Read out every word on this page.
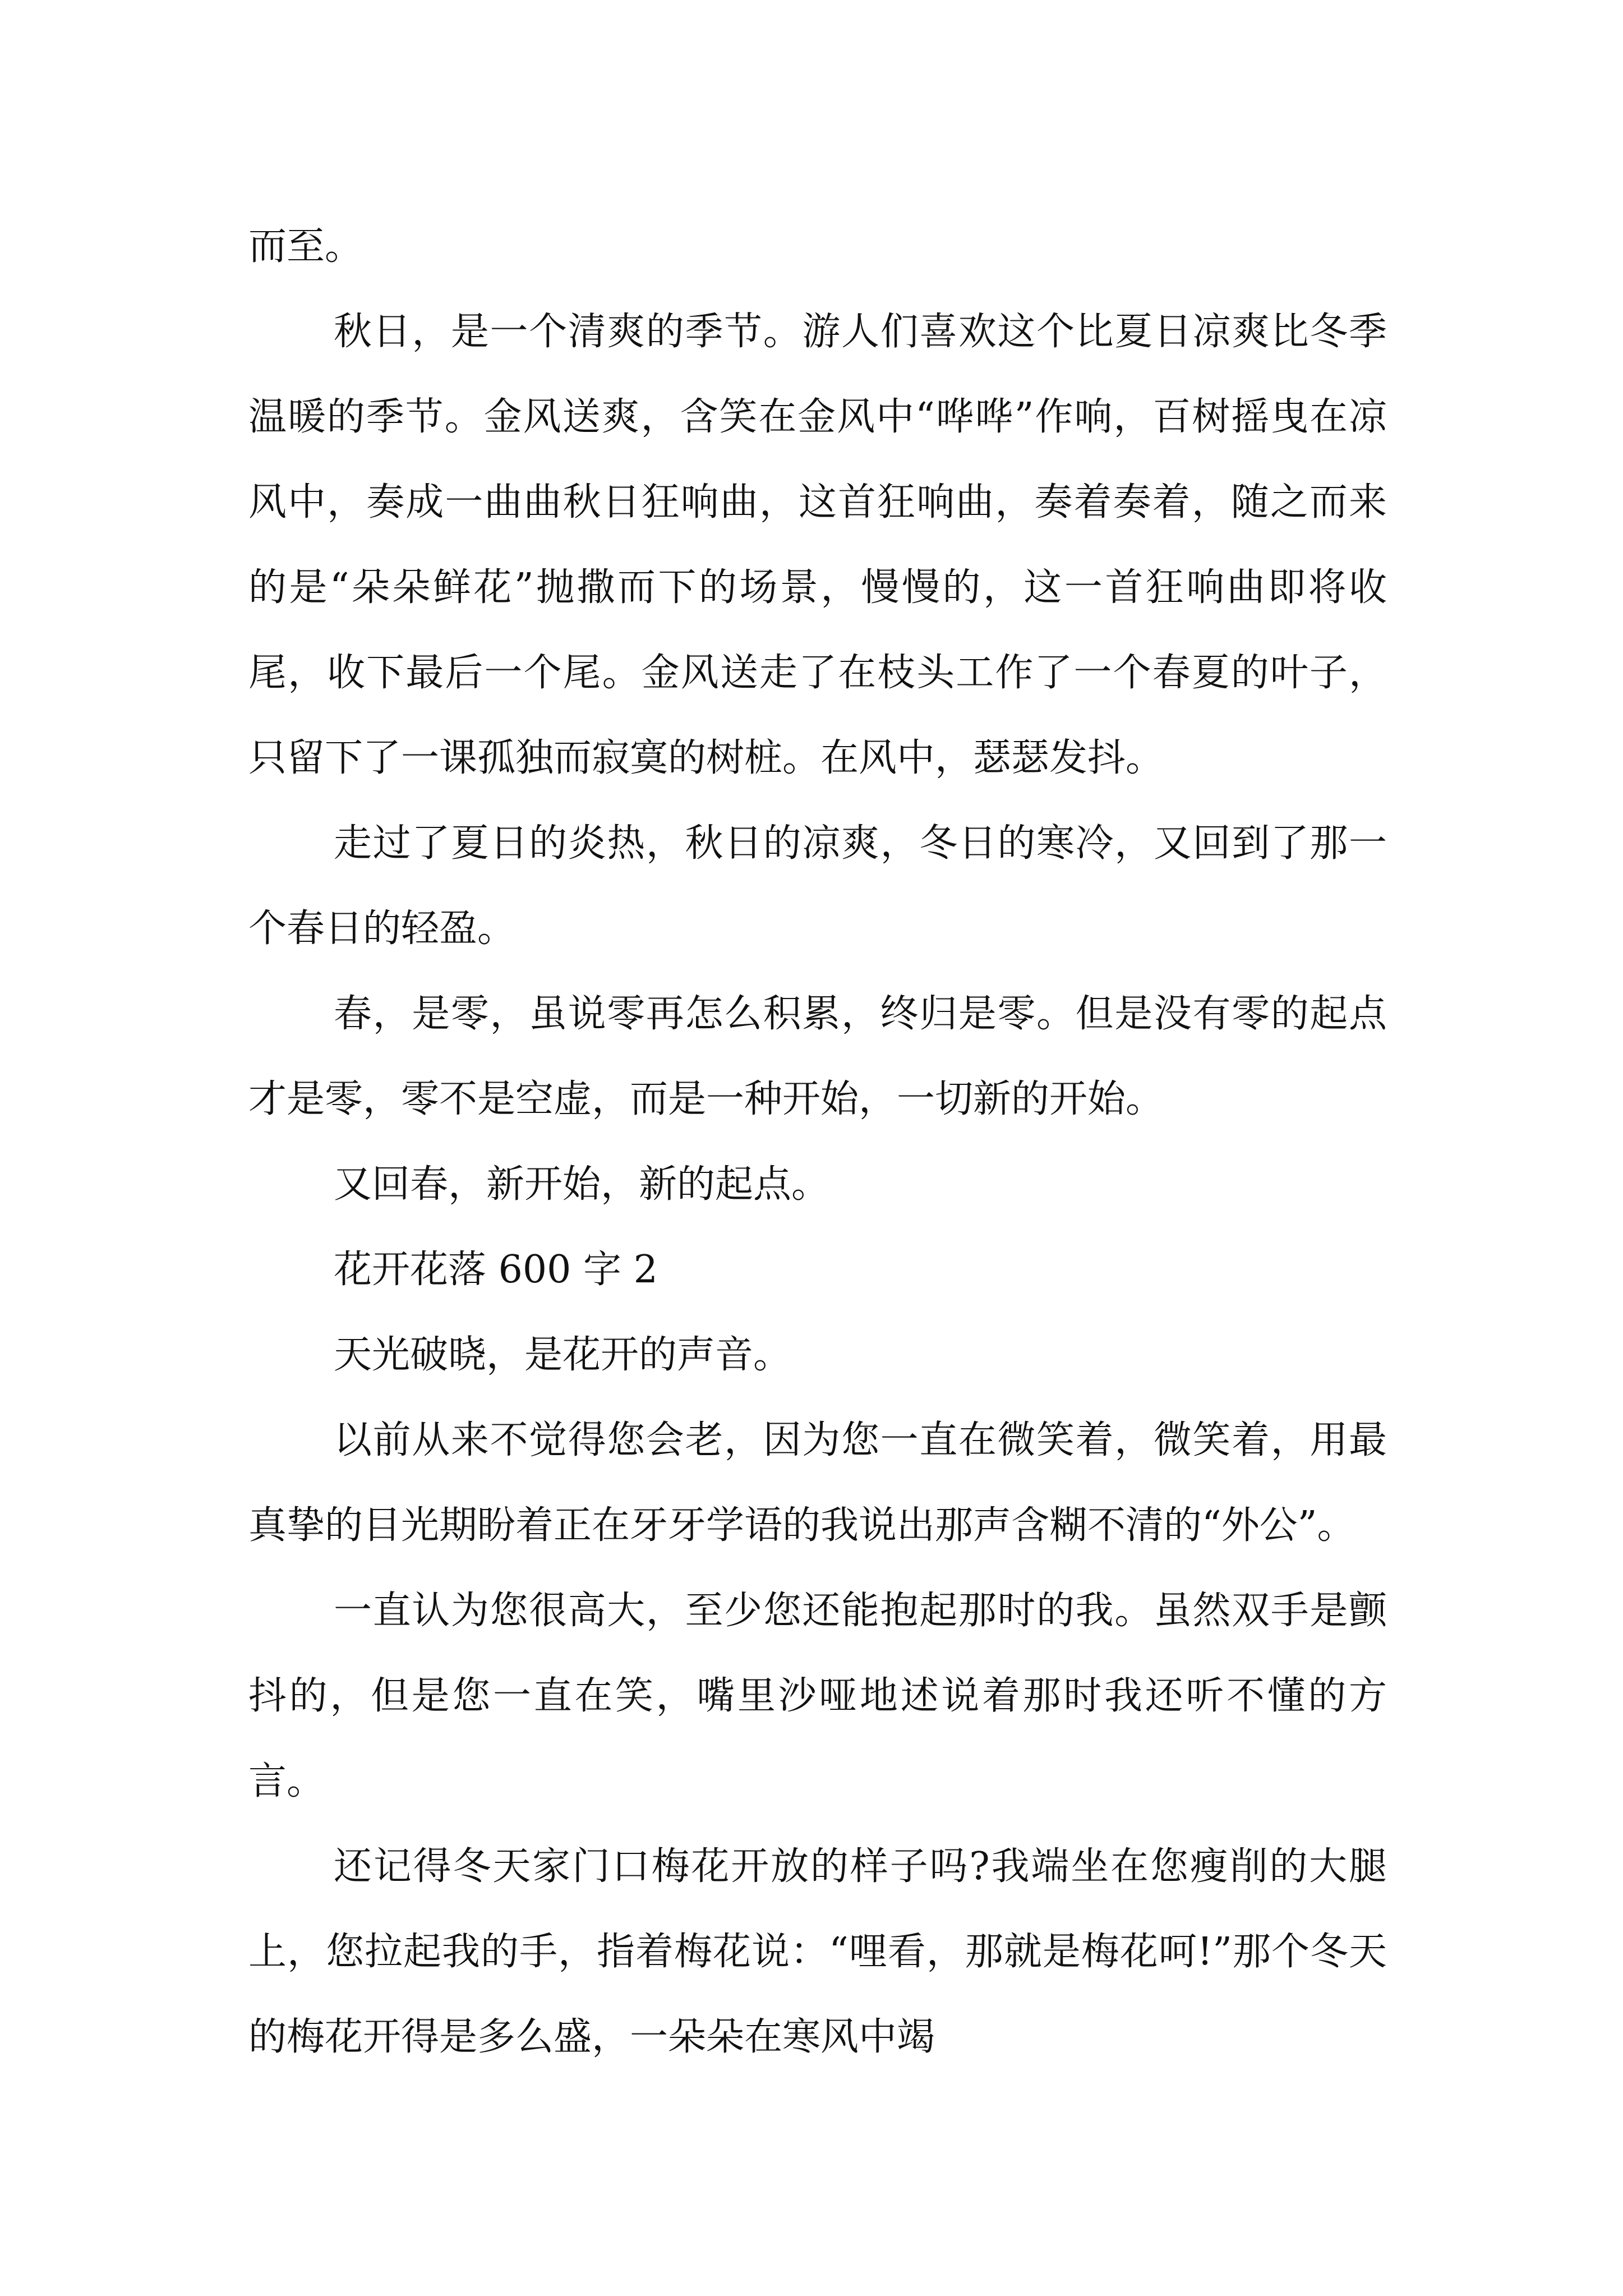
而至。

秋日，是一个清爽的季节。游人们喜欢这个比夏日凉爽比冬季温暖的季节。金风送爽，含笑在金风中“哗哗”作响，百树摇曳在凉风中，奏成一曲曲秋日狂响曲，这首狂响曲，奏着奏着，随之而来的是“朵朵鲜花”抛撒而下的场景，慢慢的，这一首狂响曲即将收尾，收下最后一个尾。金风送走了在枝头工作了一个春夏的叶子，只留下了一课孤独而寂寞的树桩。在风中，瑟瑟发抖。

走过了夏日的炎热，秋日的凉爽，冬日的寒冷，又回到了那一个春日的轻盈。

春，是零，虽说零再怎么积累，终归是零。但是没有零的起点才是零，零不是空虚，而是一种开始，一切新的开始。

又回春，新开始，新的起点。

花开花落 600 字 2

天光破晓，是花开的声音。

以前从来不觉得您会老，因为您一直在微笑着，微笑着，用最真挚的目光期盼着正在牙牙学语的我说出那声含糊不清的“外公”。

一直认为您很高大，至少您还能抱起那时的我。虽然双手是颤抖的，但是您一直在笑，嘴里沙哑地述说着那时我还听不懂的方言。

还记得冬天家门口梅花开放的样子吗?我端坐在您瘦削的大腿上，您拉起我的手，指着梅花说：“哩看，那就是梅花呵!”那个冬天的梅花开得是多么盛，一朵朵在寒风中竭
